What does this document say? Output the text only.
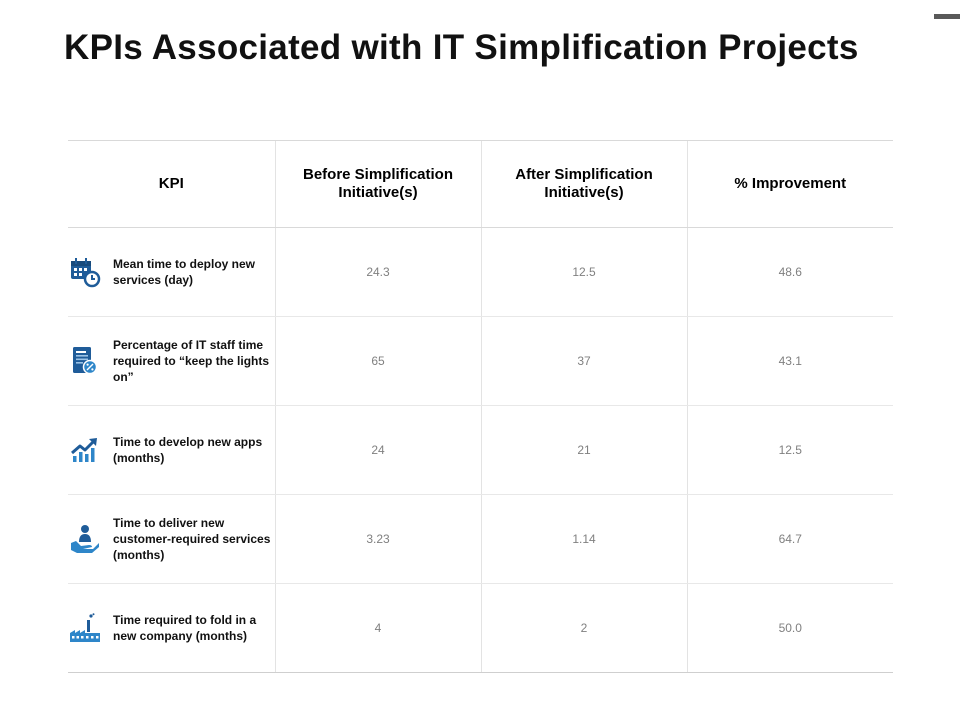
KPIs Associated with IT Simplification Projects
KPI	Before Simplification Initiative(s)	After Simplification Initiative(s)	% Improvement

Mean time to deploy new services (day)	24.3	12.5	48.6

Percentage of IT staff time required to “keep the lights on”	65	37	43.1

Time to develop new apps (months)	24	21	12.5

Time to deliver new customer-required services (months)	3.23	1.14	64.7

Time required to fold in a new company (months)	4	2	50.0
